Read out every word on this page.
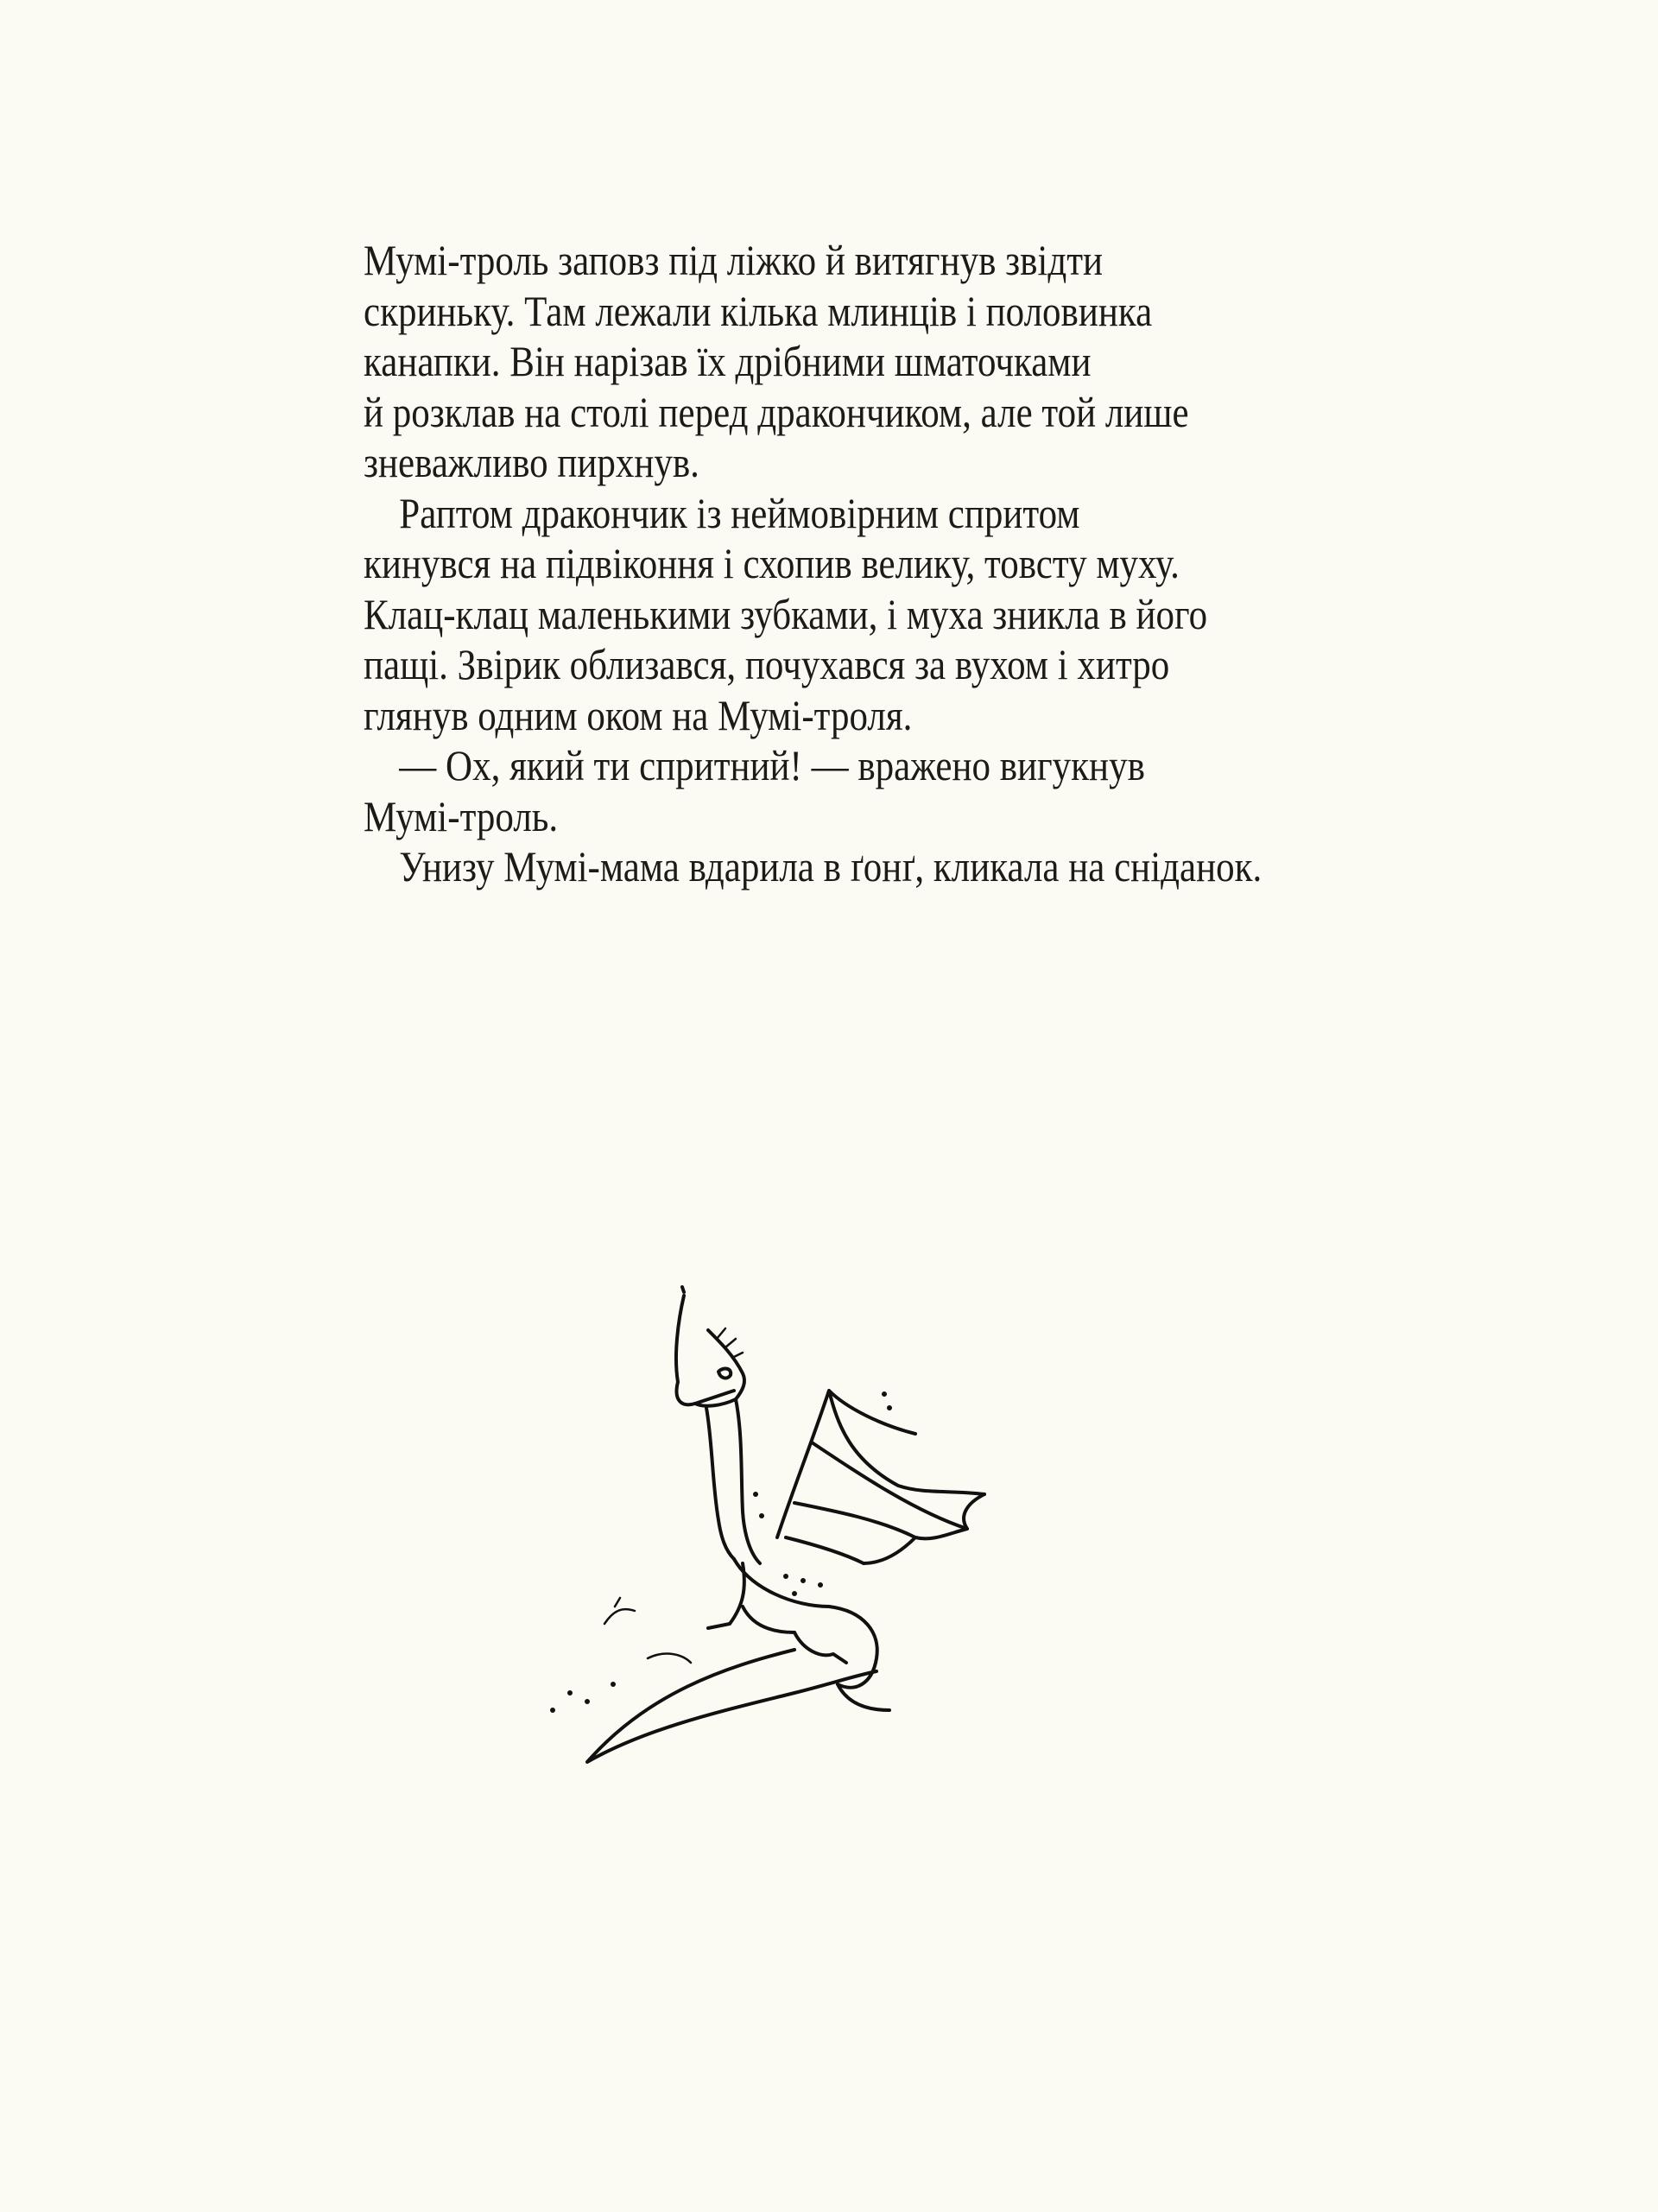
Мумі-троль заповз під ліжко й витягнув звідти
скриньку. Там лежали кілька млинців і половинка
канапки. Він нарізав їх дрібними шматочками
й розклав на столі перед дракончиком, але той лише
зневажливо пирхнув.
Раптом дракончик із неймовірним спритом
кинувся на підвіконня і схопив велику, товсту муху.
Клац-клац маленькими зубками, і муха зникла в його
пащі. Звірик облизався, почухався за вухом і хитро
глянув одним оком на Мумі-троля.
— Ох, який ти спритний! — вражено вигукнув
Мумі-троль.
Унизу Мумі-мама вдарила в ґонґ, кликала на сніданок.
